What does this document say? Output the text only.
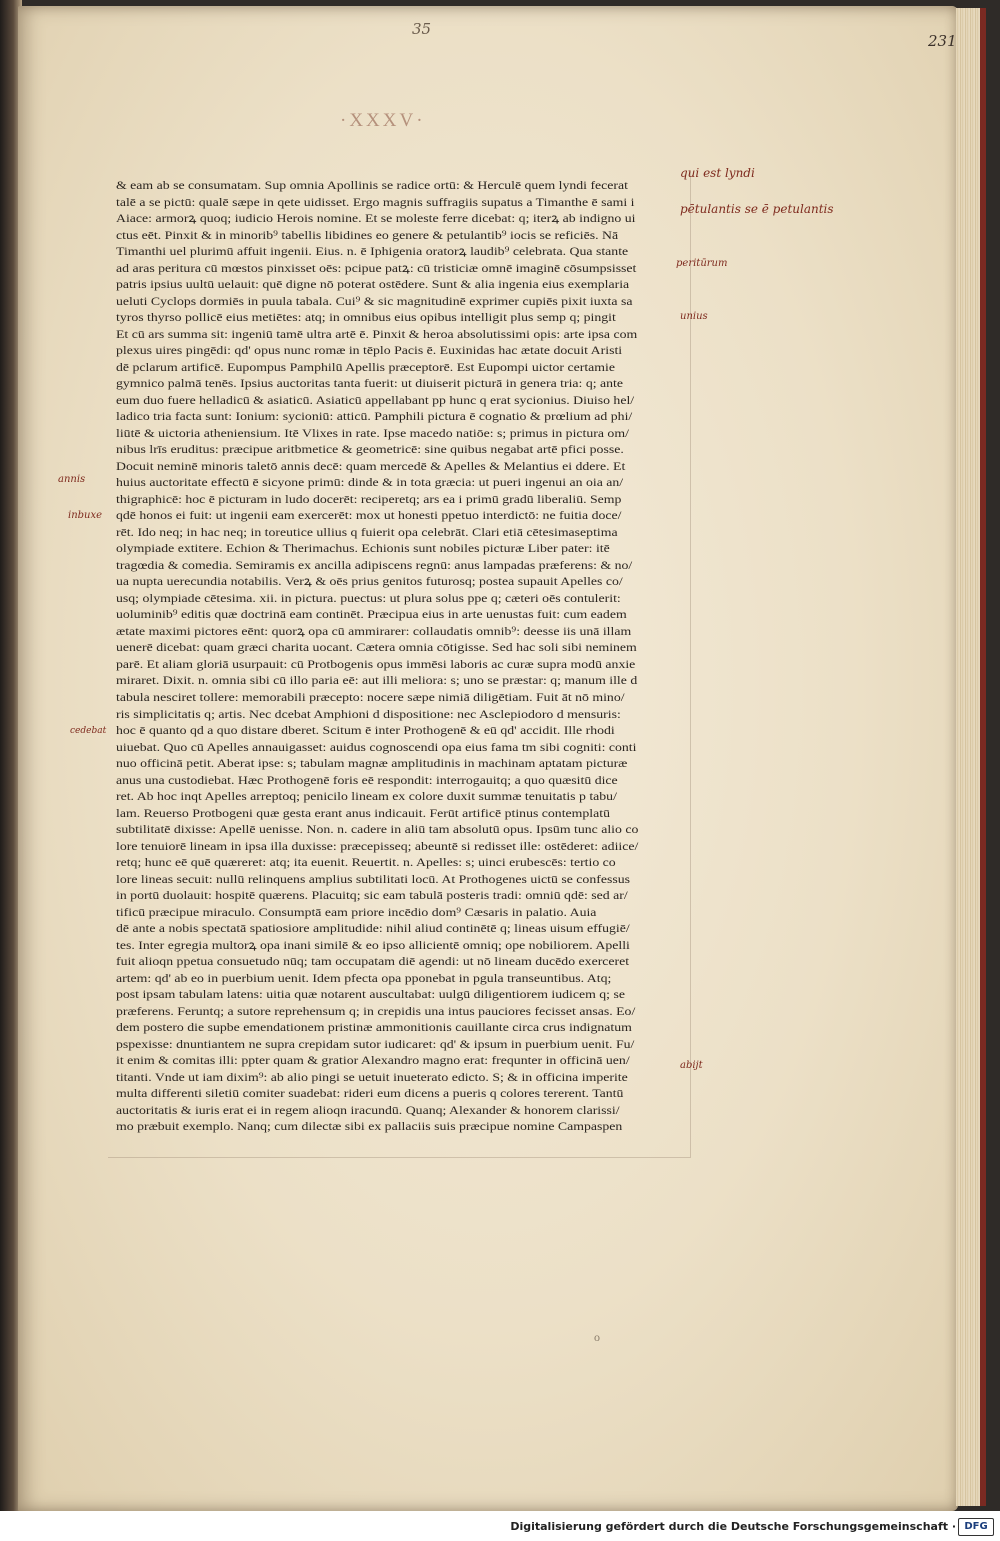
35
231
·XXXV·
& eam ab se consumatam. Sup omnia Apollinis se radice ortū: & Herculē quem lyndi fecerat
talē a se pictū: qualē sæpe in qete uidisset. Ergo magnis suffragiis supatus a Timanthe ē sami i
Aiace: armorꝝ quoq; iudicio Herois nomine. Et se moleste ferre dicebat: q; iterꝝ ab indigno ui
ctus eēt. Pinxit & in minorib⁹ tabellis libidines eo genere & petulantib⁹ iocis se reficiēs. Nā
Timanthi uel plurimū affuit ingenii. Eius. n. ē Iphigenia oratorꝝ laudib⁹ celebrata. Qua stante
ad aras peritura cū mœstos pinxisset oēs: pcipue patꝝ: cū tristiciæ omnē imaginē cōsumpsisset
patris ipsius uultū uelauit: quē digne nō poterat ostēdere. Sunt & alia ingenia eius exemplaria
ueluti Cyclops dormiēs in puula tabala. Cui⁹ & sic magnitudinē exprimer cupiēs pixit iuxta sa
tyros thyrso pollicē eius metiētes: atq; in omnibus eius opibus intelligit plus semp q; pingit
Et cū ars summa sit: ingeniū tamē ultra artē ē. Pinxit & heroa absolutissimi opis: arte ipsa com
plexus uires pingēdi: qd' opus nunc romæ in tēplo Pacis ē. Euxinidas hac ætate docuit Aristi
dē pclarum artificē. Eupompus Pamphilū Apellis præceptorē. Est Eupompi uictor certamie
gymnico palmā tenēs. Ipsius auctoritas tanta fuerit: ut diuiserit picturā in genera tria: q; ante
eum duo fuere helladicū & asiaticū. Asiaticū appellabant pp hunc q erat sycionius. Diuiso hel/
ladico tria facta sunt: Ionium: sycioniū: atticū. Pamphili pictura ē cognatio & prœlium ad phi/
liūtē & uictoria atheniensium. Itē Vlixes in rate. Ipse macedo natiōe: s; primus in pictura om/
nibus lrīs eruditus: præcipue aritbmetice & geometricē: sine quibus negabat artē pfici posse.
Docuit neminē minoris taletō annis decē: quam mercedē & Apelles & Melantius ei ddere. Et
huius auctoritate effectū ē sicyone primū: dinde & in tota græcia: ut pueri ingenui an oia an/
thigraphicē: hoc ē picturam in ludo docerēt: reciperetq; ars ea i primū gradū liberaliū. Semp
qdē honos ei fuit: ut ingenii eam exercerēt: mox ut honesti ppetuo interdictō: ne fuitia doce/
rēt. Ido neq; in hac neq; in toreutice ullius q fuierit opa celebrāt. Clari etiā cētesimaseptima
olympiade extitere. Echion & Therimachus. Echionis sunt nobiles picturæ Liber pater: itē
tragœdia & comedia. Semiramis ex ancilla adipiscens regnū: anus lampadas præferens: & no/
ua nupta uerecundia notabilis. Verꝝ & oēs prius genitos futurosq; postea supauit Apelles co/
usq; olympiade cētesima. xii. in pictura. puectus: ut plura solus ppe q; cæteri oēs contulerit:
uoluminib⁹ editis quæ doctrinā eam continēt. Præcipua eius in arte uenustas fuit: cum eadem
ætate maximi pictores eēnt: quorꝝ opa cū ammirarer: collaudatis omnib⁹: deesse iis unā illam
uenerē dicebat: quam græci charita uocant. Cætera omnia cōtigisse. Sed hac soli sibi neminem
parē. Et aliam gloriā usurpauit: cū Protbogenis opus immēsi laboris ac curæ supra modū anxie
miraret. Dixit. n. omnia sibi cū illo paria eē: aut illi meliora: s; uno se præstar: q; manum ille d
tabula nesciret tollere: memorabili præcepto: nocere sæpe nimiā diligētiam. Fuit āt nō mino/
ris simplicitatis q; artis. Nec dcebat Amphioni d dispositione: nec Asclepiodoro d mensuris:
hoc ē quanto qd a quo distare dberet. Scitum ē inter Prothogenē & eū qd' accidit. Ille rhodi
uiuebat. Quo cū Apelles annauigasset: auidus cognoscendi opa eius fama tm sibi cogniti: conti
nuo officinā petit. Aberat ipse: s; tabulam magnæ amplitudinis in machinam aptatam picturæ
anus una custodiebat. Hæc Prothogenē foris eē respondit: interrogauitq; a quo quæsitū dice
ret. Ab hoc inqt Apelles arreptoq; penicilo lineam ex colore duxit summæ tenuitatis p tabu/
lam. Reuerso Protbogeni quæ gesta erant anus indicauit. Ferūt artificē ptinus contemplatū
subtilitatē dixisse: Apellē uenisse. Non. n. cadere in aliū tam absolutū opus. Ipsūm tunc alio co
lore tenuiorē lineam in ipsa illa duxisse: præcepisseq; abeuntē si redisset ille: ostēderet: adiice/
retq; hunc eē quē quæreret: atq; ita euenit. Reuertit. n. Apelles: s; uinci erubescēs: tertio co
lore lineas secuit: nullū relinquens amplius subtilitati locū. At Prothogenes uictū se confessus
in portū duolauit: hospitē quærens. Placuitq; sic eam tabulā posteris tradi: omniū qdē: sed ar/
tificū præcipue miraculo. Consumptā eam priore incēdio dom⁹ Cæsaris in palatio. Auia
dē ante a nobis spectatā spatiosiore amplitudide: nihil aliud continētē q; lineas uisum effugiē/
tes. Inter egregia multorꝝ opa inani similē & eo ipso allicientē omniq; ope nobiliorem. Apelli
fuit alioqn ppetua consuetudo nūq; tam occupatam diē agendi: ut nō lineam ducēdo exerceret
artem: qd' ab eo in puerbium uenit. Idem pfecta opa pponebat in pgula transeuntibus. Atq;
post ipsam tabulam latens: uitia quæ notarent auscultabat: uulgū diligentiorem iudicem q; se
præferens. Feruntq; a sutore reprehensum q; in crepidis una intus pauciores fecisset ansas. Eo/
dem postero die supbe emendationem pristinæ ammonitionis cauillante circa crus indignatum
pspexisse: dnuntiantem ne supra crepidam sutor iudicaret: qd' & ipsum in puerbium uenit. Fu/
it enim & comitas illi: ppter quam & gratior Alexandro magno erat: frequnter in officinā uen/
titanti. Vnde ut iam dixim⁹: ab alio pingi se uetuit inueterato edicto. S; & in officina imperite
multa differenti siletiū comiter suadebat: rideri eum dicens a pueris q colores tererent. Tantū
auctoritatis & iuris erat ei in regem alioqn iracundū. Quanq; Alexander & honorem clarissi/
mo præbuit exemplo. Nanq; cum dilectæ sibi ex pallaciis suis præcipue nomine Campaspen
qui est lyndi
pētulantis se ē petulantis
peritūrum
unius
abijt
annis
inbuxe
cedebat
o
Digitalisierung gefördert durch die Deutsche Forschungsgemeinschaft · DFG
